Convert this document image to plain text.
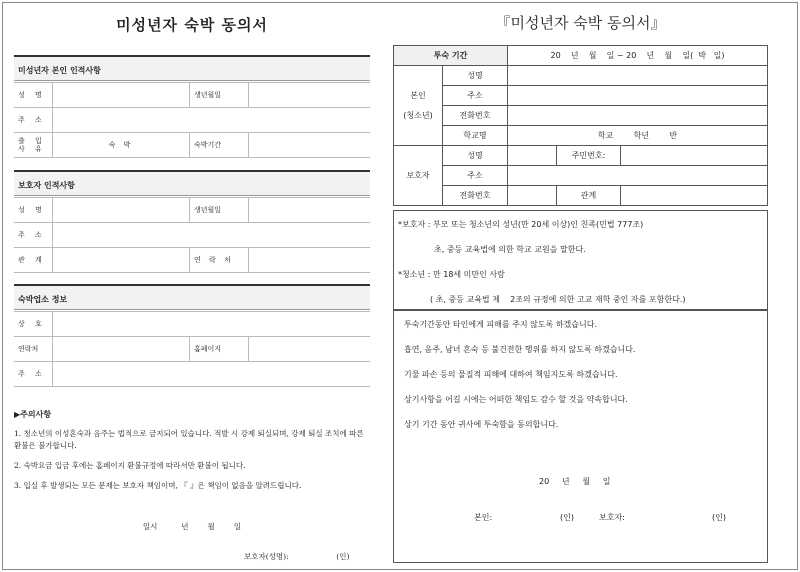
미성년자 숙박 동의서
미성년자 본인 인적사항
성 명		생년월일	
주 소			
출 입
사 유	숙 박	숙박기간	
보호자 인적사항
성 명		생년월일	
주 소			
관 계		연 락 처	
숙박업소 정보
상 호			
연락처		홈페이지	
주 소			

▶주의사항

1. 청소년의 이성혼숙과 음주는 법적으로 금지되어 있습니다. 적발 시 강제 퇴실되며, 강제 퇴실 조치에 따른 환불은 불가합니다.

2. 숙박요금 입금 후에는 홈페이지 환불규정에 따라서만 환불이 됩니다.

3. 입실 후 발생되는 모든 문제는 보호자 책임이며, 『 』은 책임이 없음을 알려드립니다.

일시          년        월        일
보호자(성명):                    (인)
『미성년자 숙박 동의서』
투숙 기간		20    년    월    일 ~ 20    년    월    일(  박   일)		
본인

(청소년)	성명			
	주소			
	전화번호			
	학교명	학교        학년        반		
보호자	성명		주민번호:	
	주소			
	전화번호		관계	

*보호자 : 부모 또는 청소년의 성년(만 20세 이상)인 친족(민법 777조)

초, 중등 교육법에 의한 학교 교원을 말한다.

*청소년 : 만 18세 미만인 사람

( 초, 중등 교육법 제    2조의 규정에 의한 고교 재학 중인 자를 포함한다.)

투숙기간동안 타인에게 피해를 주지 않도록 하겠습니다.

흡연, 음주, 남녀 혼숙 등 불건전한 행위를 하지 않도록 하겠습니다.

기물 파손 등의 물질적 피해에 대하여 책임지도록 하겠습니다.

상기사항을 어길 시에는 어떠한 책임도 감수 할 것을 약속합니다.

상기 기간 동안 귀사에 투숙함을 동의합니다.

20     년     월     일

본인:	(인)	보호자:	(인)
